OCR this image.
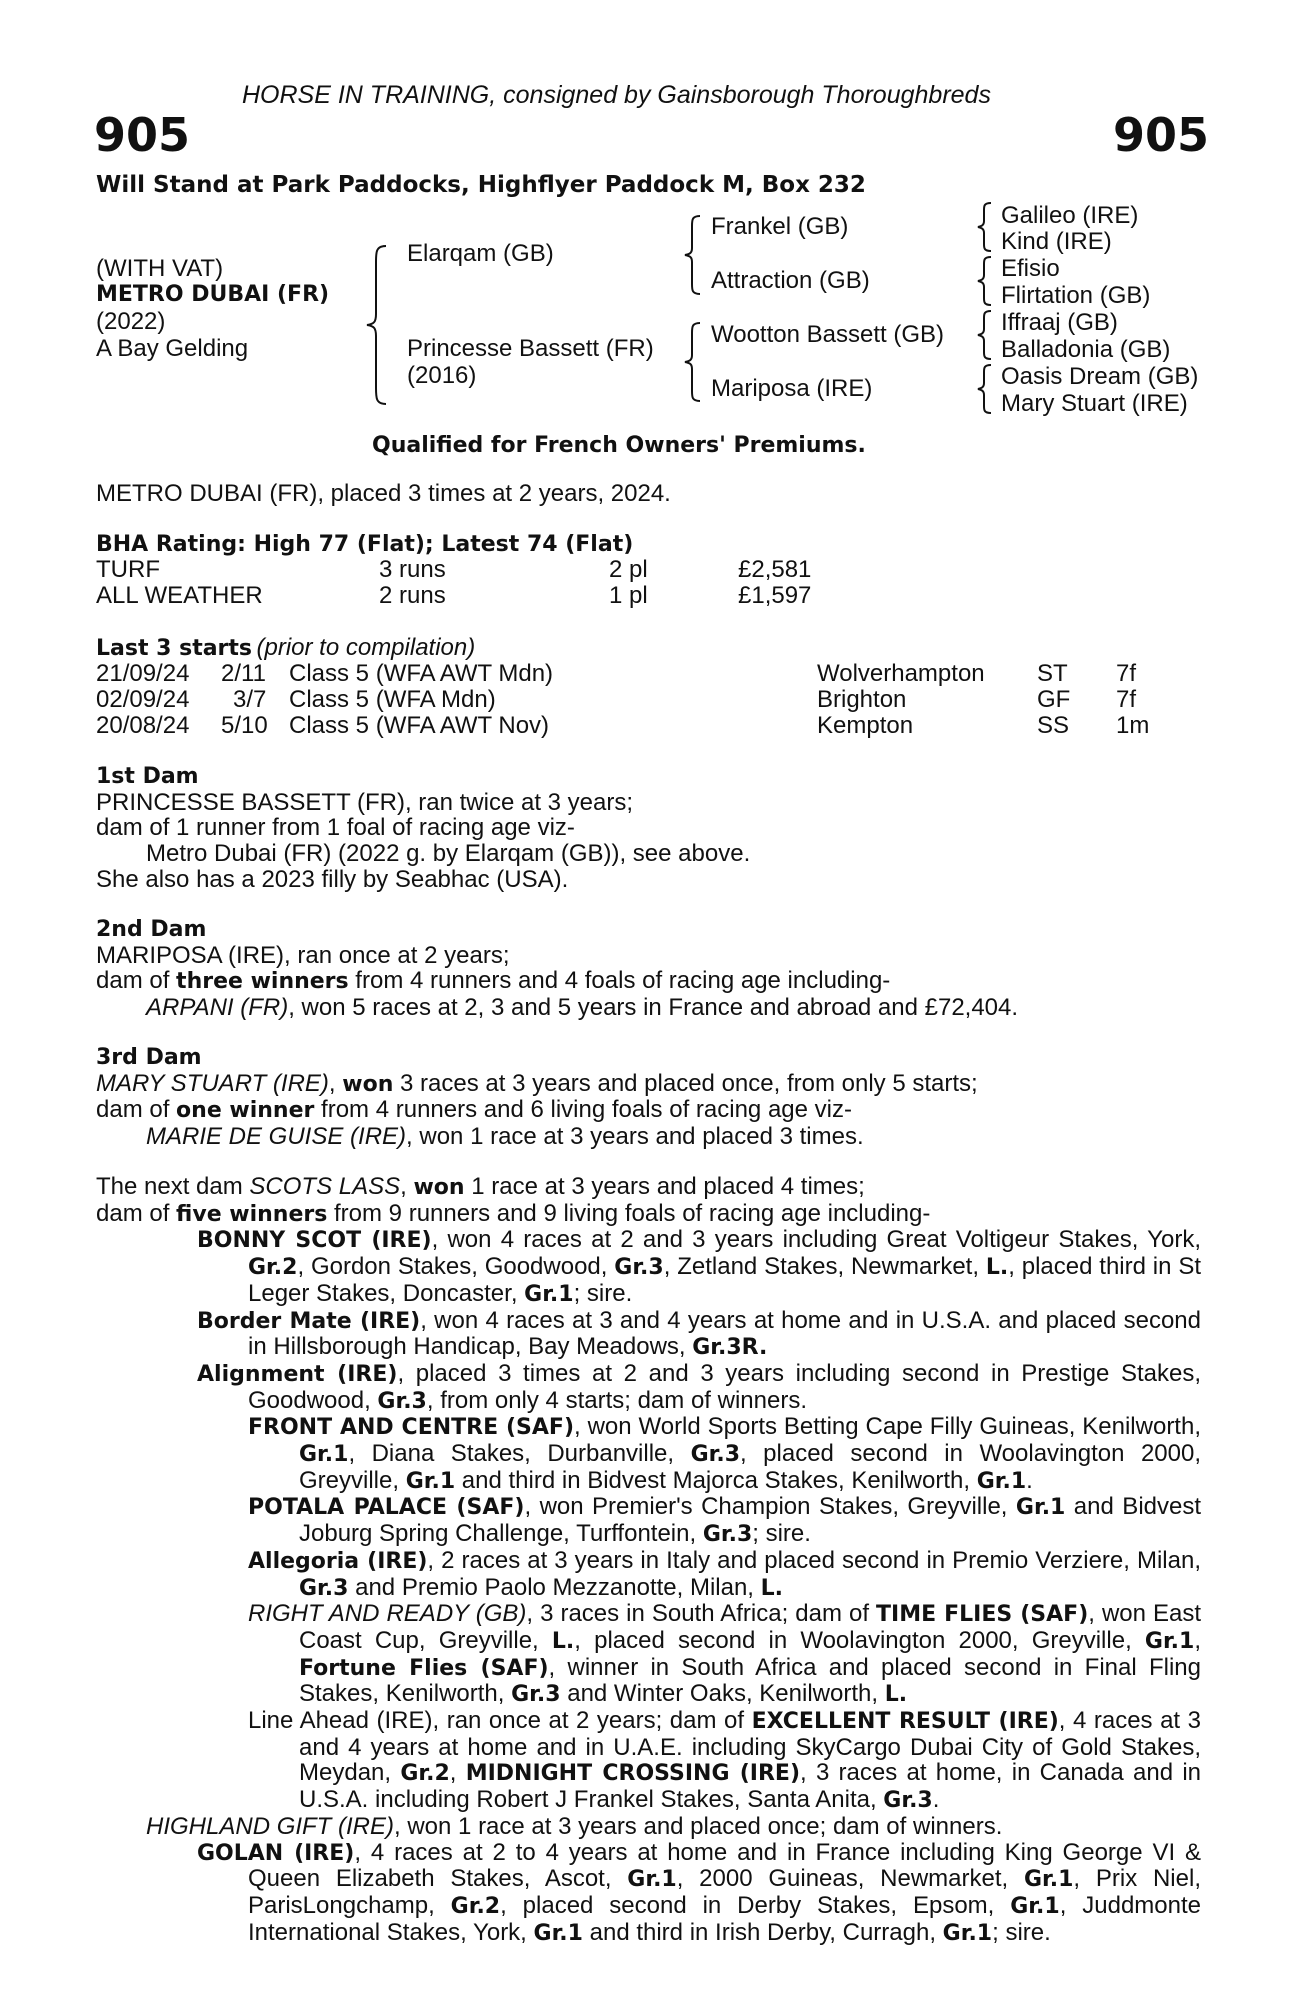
HORSE IN TRAINING, consigned by Gainsborough Thoroughbreds
905	905
Will Stand at Park Paddocks, Highflyer Paddock M, Box 232
(WITH VAT)
METRO DUBAI (FR)
(2022)
A Bay Gelding
Elarqam (GB)
Princesse Bassett (FR)
(2016)
Frankel (GB)
Attraction (GB)
Wootton Bassett (GB)
Mariposa (IRE)
Galileo (IRE)
Kind (IRE)
Efisio
Flirtation (GB)
Iffraaj (GB)
Balladonia (GB)
Oasis Dream (GB)
Mary Stuart (IRE)
Qualified for French Owners' Premiums.
METRO DUBAI (FR), placed 3 times at 2 years, 2024.
BHA Rating: High 77 (Flat); Latest 74 (Flat)
TURF	3 runs	2 pl	£2,581
ALL WEATHER	2 runs	1 pl	£1,597
Last 3 starts (prior to compilation)
21/09/24 2/11 Class 5 (WFA AWT Mdn)	Wolverhampton ST 7f
02/09/24 3/7 Class 5 (WFA Mdn)	Brighton	GF 7f
20/08/24 5/10 Class 5 (WFA AWT Nov)	Kempton	SS 1m

1st Dam

PRINCESSE BASSETT (FR), ran twice at 3 years;

dam of 1 runner from 1 foal of racing age viz-

Metro Dubai (FR) (2022 g. by Elarqam (GB)), see above.

She also has a 2023 filly by Seabhac (USA).

2nd Dam

MARIPOSA (IRE), ran once at 2 years;

dam of three winners from 4 runners and 4 foals of racing age including-

ARPANI (FR), won 5 races at 2, 3 and 5 years in France and abroad and £72,404.

3rd Dam

MARY STUART (IRE), won 3 races at 3 years and placed once, from only 5 starts;

dam of one winner from 4 runners and 6 living foals of racing age viz-

MARIE DE GUISE (IRE), won 1 race at 3 years and placed 3 times.

The next dam SCOTS LASS, won 1 race at 3 years and placed 4 times;

dam of five winners from 9 runners and 9 living foals of racing age including-

BONNY SCOT (IRE), won 4 races at 2 and 3 years including Great Voltigeur Stakes, York, Gr.2, Gordon Stakes, Goodwood, Gr.3, Zetland Stakes, Newmarket, L., placed third in St Leger Stakes, Doncaster, Gr.1; sire.

Border Mate (IRE), won 4 races at 3 and 4 years at home and in U.S.A. and placed second in Hillsborough Handicap, Bay Meadows, Gr.3R.

Alignment (IRE), placed 3 times at 2 and 3 years including second in Prestige Stakes, Goodwood, Gr.3, from only 4 starts; dam of winners.

FRONT AND CENTRE (SAF), won World Sports Betting Cape Filly Guineas, Kenilworth, Gr.1, Diana Stakes, Durbanville, Gr.3, placed second in Woolavington 2000, Greyville, Gr.1 and third in Bidvest Majorca Stakes, Kenilworth, Gr.1.

POTALA PALACE (SAF), won Premier's Champion Stakes, Greyville, Gr.1 and Bidvest Joburg Spring Challenge, Turffontein, Gr.3; sire.

Allegoria (IRE), 2 races at 3 years in Italy and placed second in Premio Verziere, Milan, Gr.3 and Premio Paolo Mezzanotte, Milan, L.

RIGHT AND READY (GB), 3 races in South Africa; dam of TIME FLIES (SAF), won East Coast Cup, Greyville, L., placed second in Woolavington 2000, Greyville, Gr.1, Fortune Flies (SAF), winner in South Africa and placed second in Final Fling Stakes, Kenilworth, Gr.3 and Winter Oaks, Kenilworth, L.

Line Ahead (IRE), ran once at 2 years; dam of EXCELLENT RESULT (IRE), 4 races at 3 and 4 years at home and in U.A.E. including SkyCargo Dubai City of Gold Stakes, Meydan, Gr.2, MIDNIGHT CROSSING (IRE), 3 races at home, in Canada and in U.S.A. including Robert J Frankel Stakes, Santa Anita, Gr.3.

HIGHLAND GIFT (IRE), won 1 race at 3 years and placed once; dam of winners.

GOLAN (IRE), 4 races at 2 to 4 years at home and in France including King George VI & Queen Elizabeth Stakes, Ascot, Gr.1, 2000 Guineas, Newmarket, Gr.1, Prix Niel, ParisLongchamp, Gr.2, placed second in Derby Stakes, Epsom, Gr.1, Juddmonte International Stakes, York, Gr.1 and third in Irish Derby, Curragh, Gr.1; sire.
